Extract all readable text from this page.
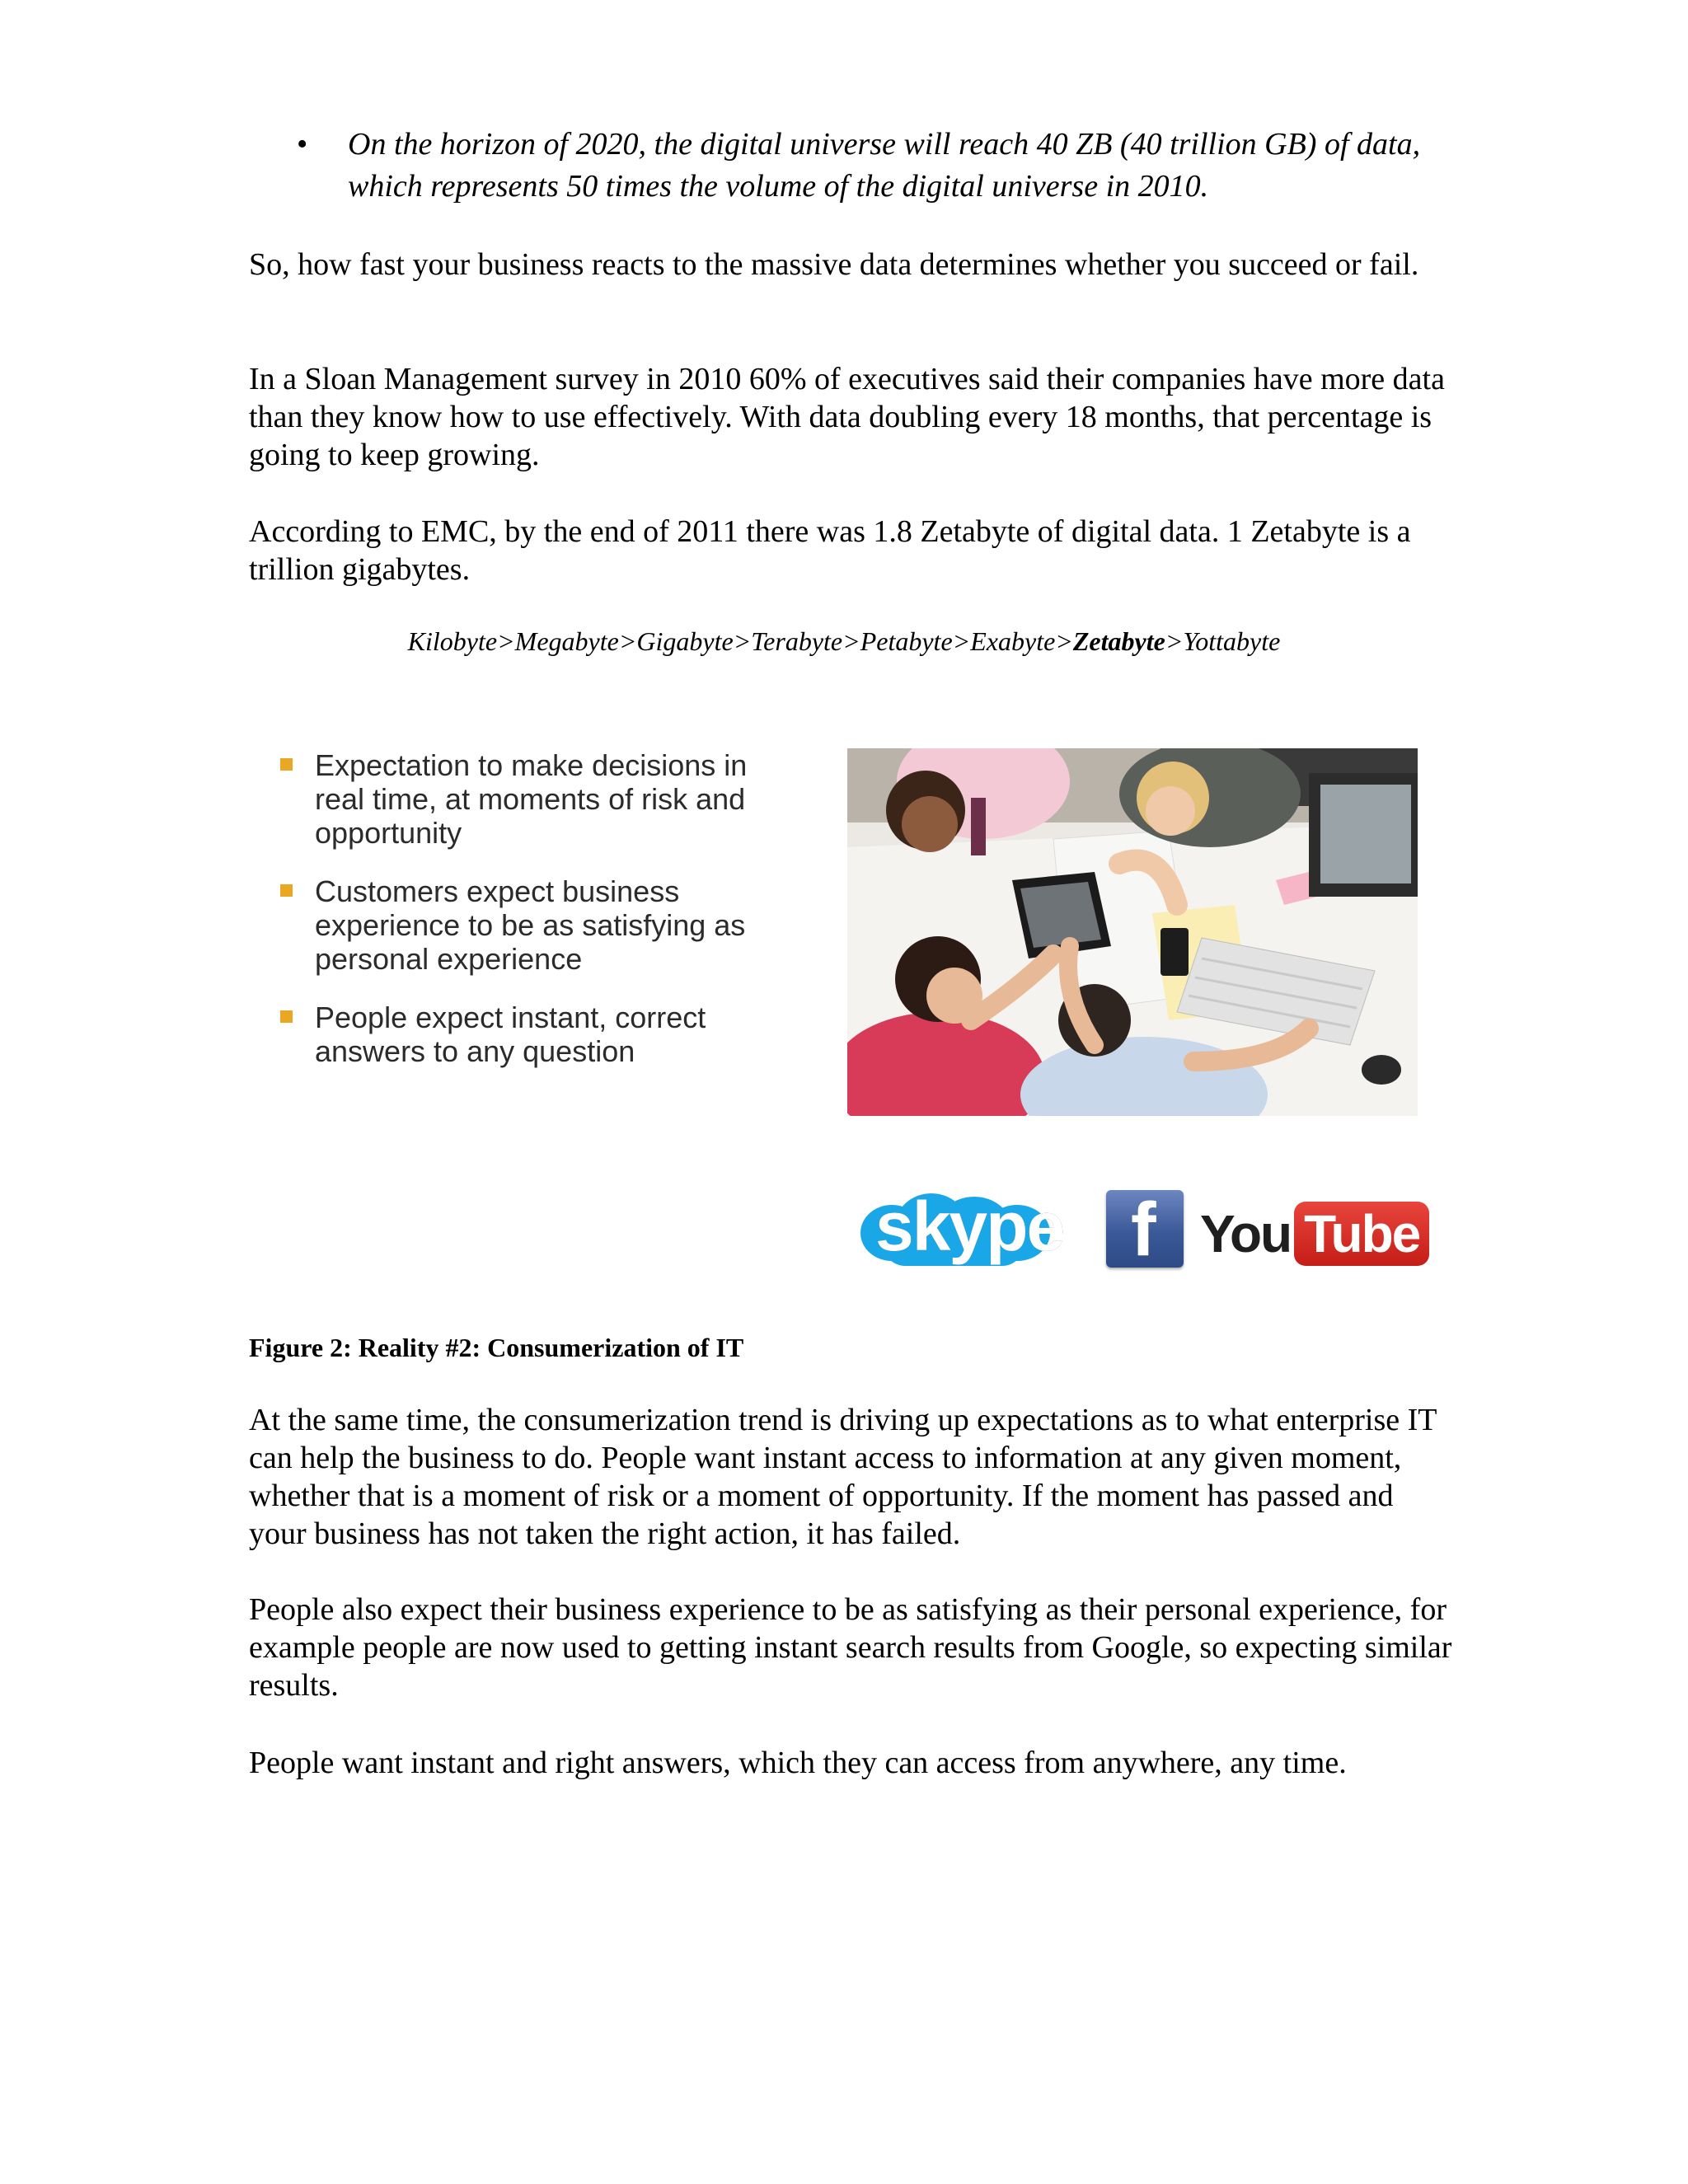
•
On the horizon of 2020, the digital universe will reach 40 ZB (40 trillion GB) of data, which represents 50 times the volume of the digital universe in 2010.
So, how fast your business reacts to the massive data determines whether you succeed or fail.
In a Sloan Management survey in 2010 60% of executives said their companies have more data than they know how to use effectively. With data doubling every 18 months, that percentage is going to keep growing.
According to EMC, by the end of 2011 there was 1.8 Zetabyte of digital data. 1 Zetabyte is a trillion gigabytes.
Kilobyte>Megabyte>Gigabyte>Terabyte>Petabyte>Exabyte>Zetabyte>Yottabyte
Expectation to make decisions in real time, at moments of risk and opportunity
Customers expect business experience to be as satisfying as personal experience
People expect instant, correct answers to any question
skype f You Tube
Figure 2: Reality #2: Consumerization of IT
At the same time, the consumerization trend is driving up expectations as to what enterprise IT can help the business to do. People want instant access to information at any given moment, whether that is a moment of risk or a moment of opportunity. If the moment has passed and your business has not taken the right action, it has failed.
People also expect their business experience to be as satisfying as their personal experience, for example people are now used to getting instant search results from Google, so expecting similar results.
People want instant and right answers, which they can access from anywhere, any time.
